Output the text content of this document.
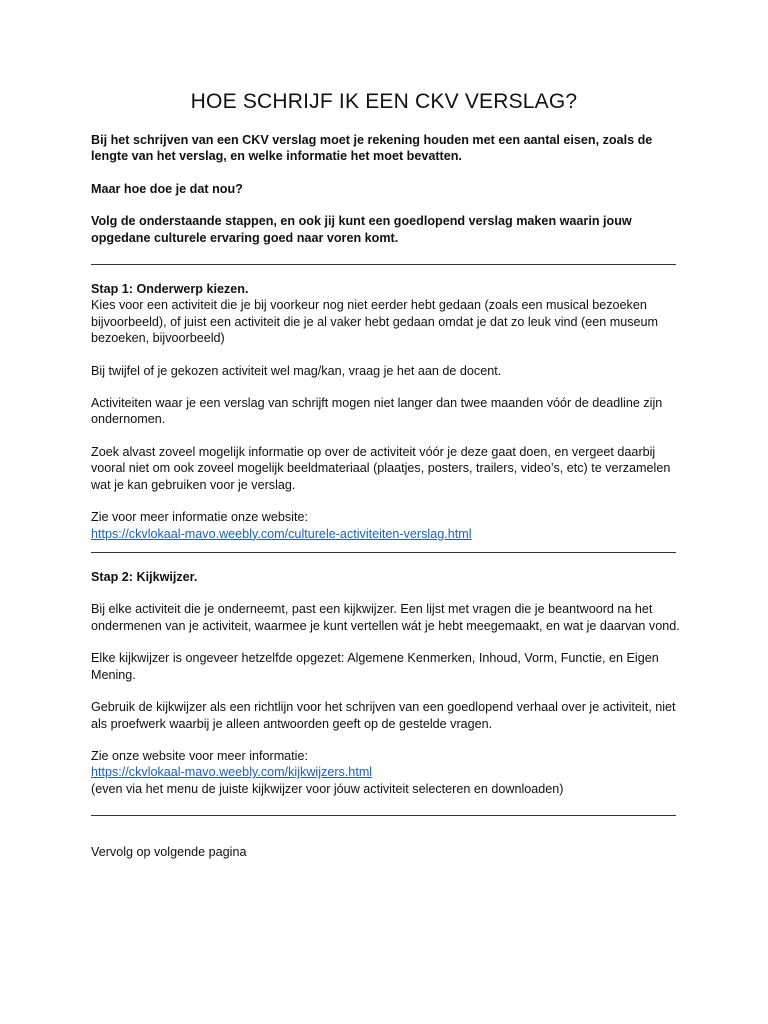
HOE SCHRIJF IK EEN CKV VERSLAG?

Bij het schrijven van een CKV verslag moet je rekening houden met een aantal eisen, zoals de lengte van het verslag, en welke informatie het moet bevatten.

Maar hoe doe je dat nou?

Volg de onderstaande stappen, en ook jij kunt een goedlopend verslag maken waarin jouw opgedane culturele ervaring goed naar voren komt.

Stap 1: Onderwerp kiezen.

Kies voor een activiteit die je bij voorkeur nog niet eerder hebt gedaan (zoals een musical bezoeken bijvoorbeeld), of juist een activiteit die je al vaker hebt gedaan omdat je dat zo leuk vind (een museum bezoeken, bijvoorbeeld)

Bij twijfel of je gekozen activiteit wel mag/kan, vraag je het aan de docent.

Activiteiten waar je een verslag van schrijft mogen niet langer dan twee maanden vóór de deadline zijn ondernomen.

Zoek alvast zoveel mogelijk informatie op over de activiteit vóór je deze gaat doen, en vergeet daarbij vooral niet om ook zoveel mogelijk beeldmateriaal (plaatjes, posters, trailers, video’s, etc) te verzamelen wat je kan gebruiken voor je verslag.

Zie voor meer informatie onze website:

https://ckvlokaal-mavo.weebly.com/culturele-activiteiten-verslag.html

Stap 2: Kijkwijzer.

Bij elke activiteit die je onderneemt, past een kijkwijzer. Een lijst met vragen die je beantwoord na het ondermenen van je activiteit, waarmee je kunt vertellen wát je hebt meegemaakt, en wat je daarvan vond.

Elke kijkwijzer is ongeveer hetzelfde opgezet: Algemene Kenmerken, Inhoud, Vorm, Functie, en Eigen Mening.

Gebruik de kijkwijzer als een richtlijn voor het schrijven van een goedlopend verhaal over je activiteit, niet als proefwerk waarbij je alleen antwoorden geeft op de gestelde vragen.

Zie onze website voor meer informatie:

https://ckvlokaal-mavo.weebly.com/kijkwijzers.html

(even via het menu de juiste kijkwijzer voor jóuw activiteit selecteren en downloaden)

Vervolg op volgende pagina
